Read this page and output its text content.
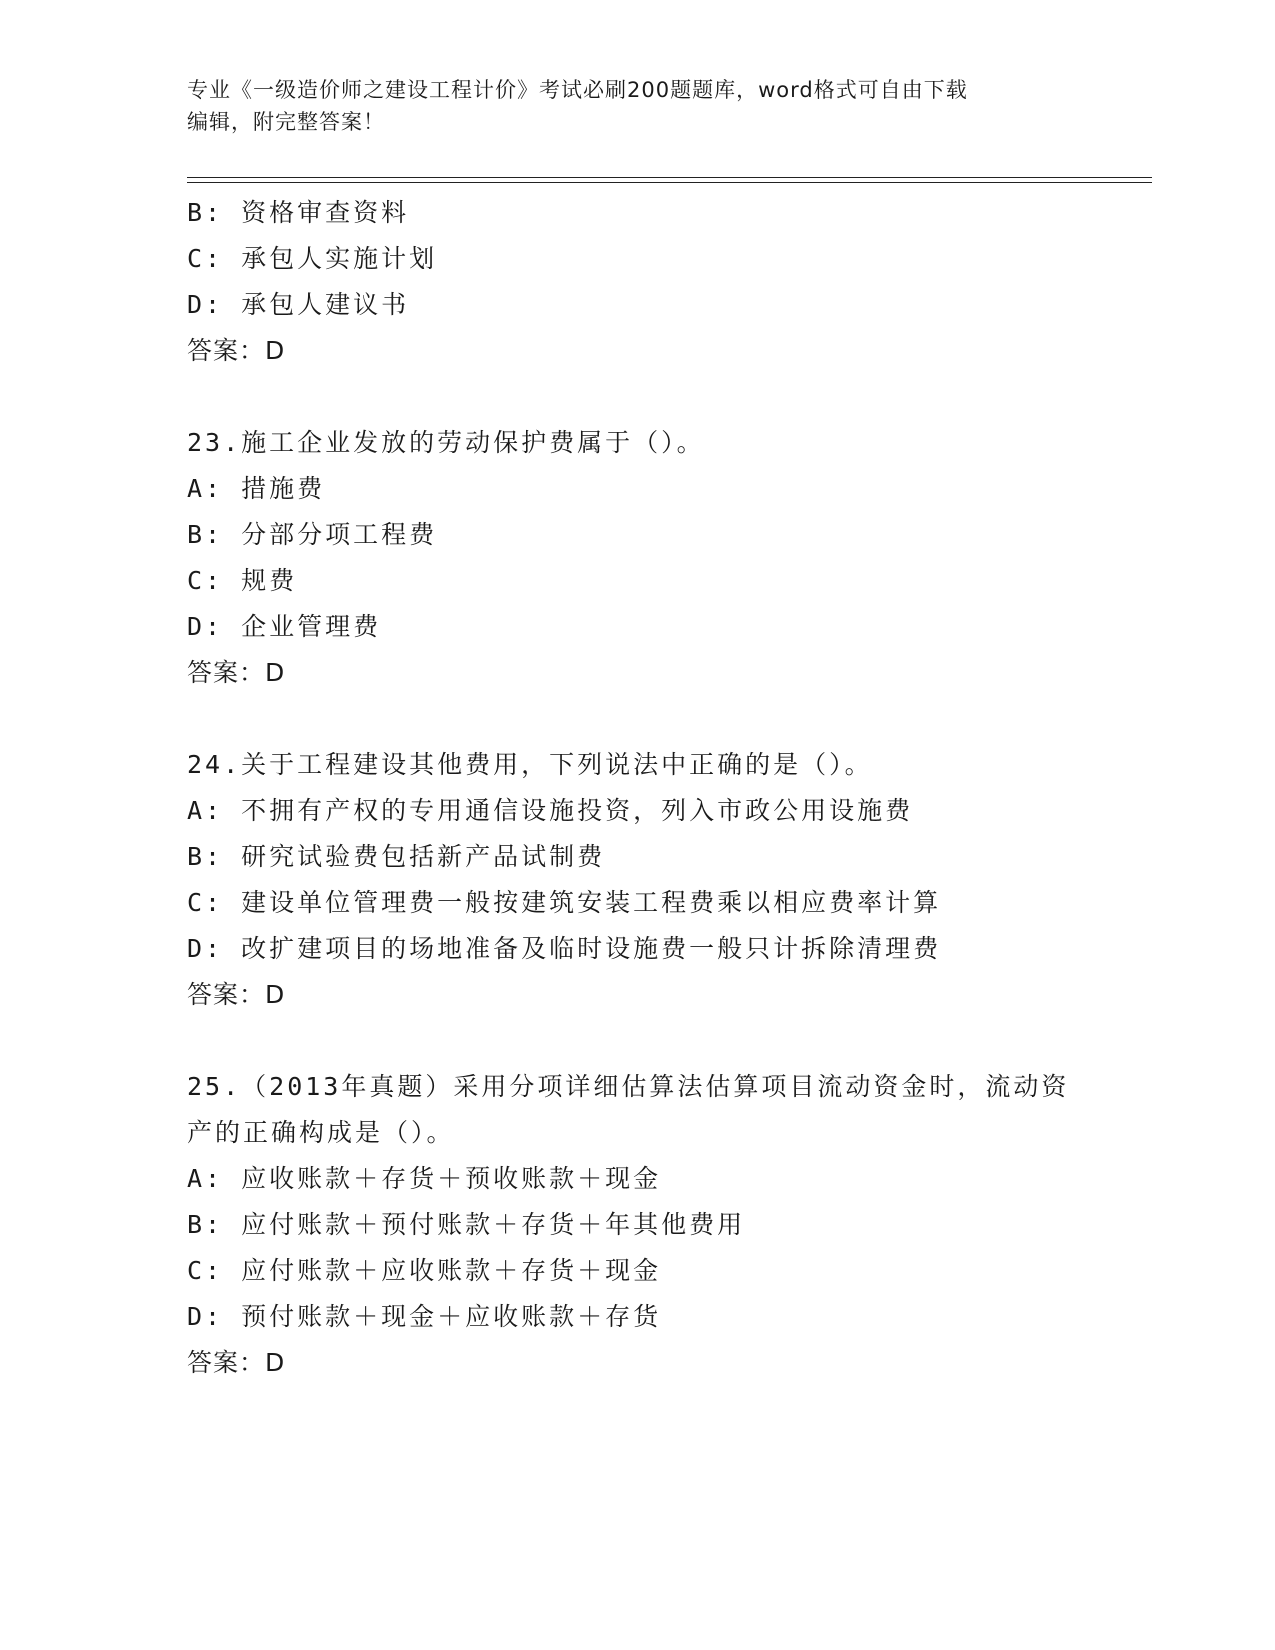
专业《一级造价师之建设工程计价》考试必刷200题题库，word格式可自由下载
编辑，附完整答案！
B: 资格审查资料
C: 承包人实施计划
D: 承包人建议书
答案：D
23.施工企业发放的劳动保护费属于（）。
A: 措施费
B: 分部分项工程费
C: 规费
D: 企业管理费
答案：D
24.关于工程建设其他费用，下列说法中正确的是（）。
A: 不拥有产权的专用通信设施投资，列入市政公用设施费
B: 研究试验费包括新产品试制费
C: 建设单位管理费一般按建筑安装工程费乘以相应费率计算
D: 改扩建项目的场地准备及临时设施费一般只计拆除清理费
答案：D
25.（2013年真题）采用分项详细估算法估算项目流动资金时，流动资
产的正确构成是（）。
A: 应收账款＋存货＋预收账款＋现金
B: 应付账款＋预付账款＋存货＋年其他费用
C: 应付账款＋应收账款＋存货＋现金
D: 预付账款＋现金＋应收账款＋存货
答案：D
